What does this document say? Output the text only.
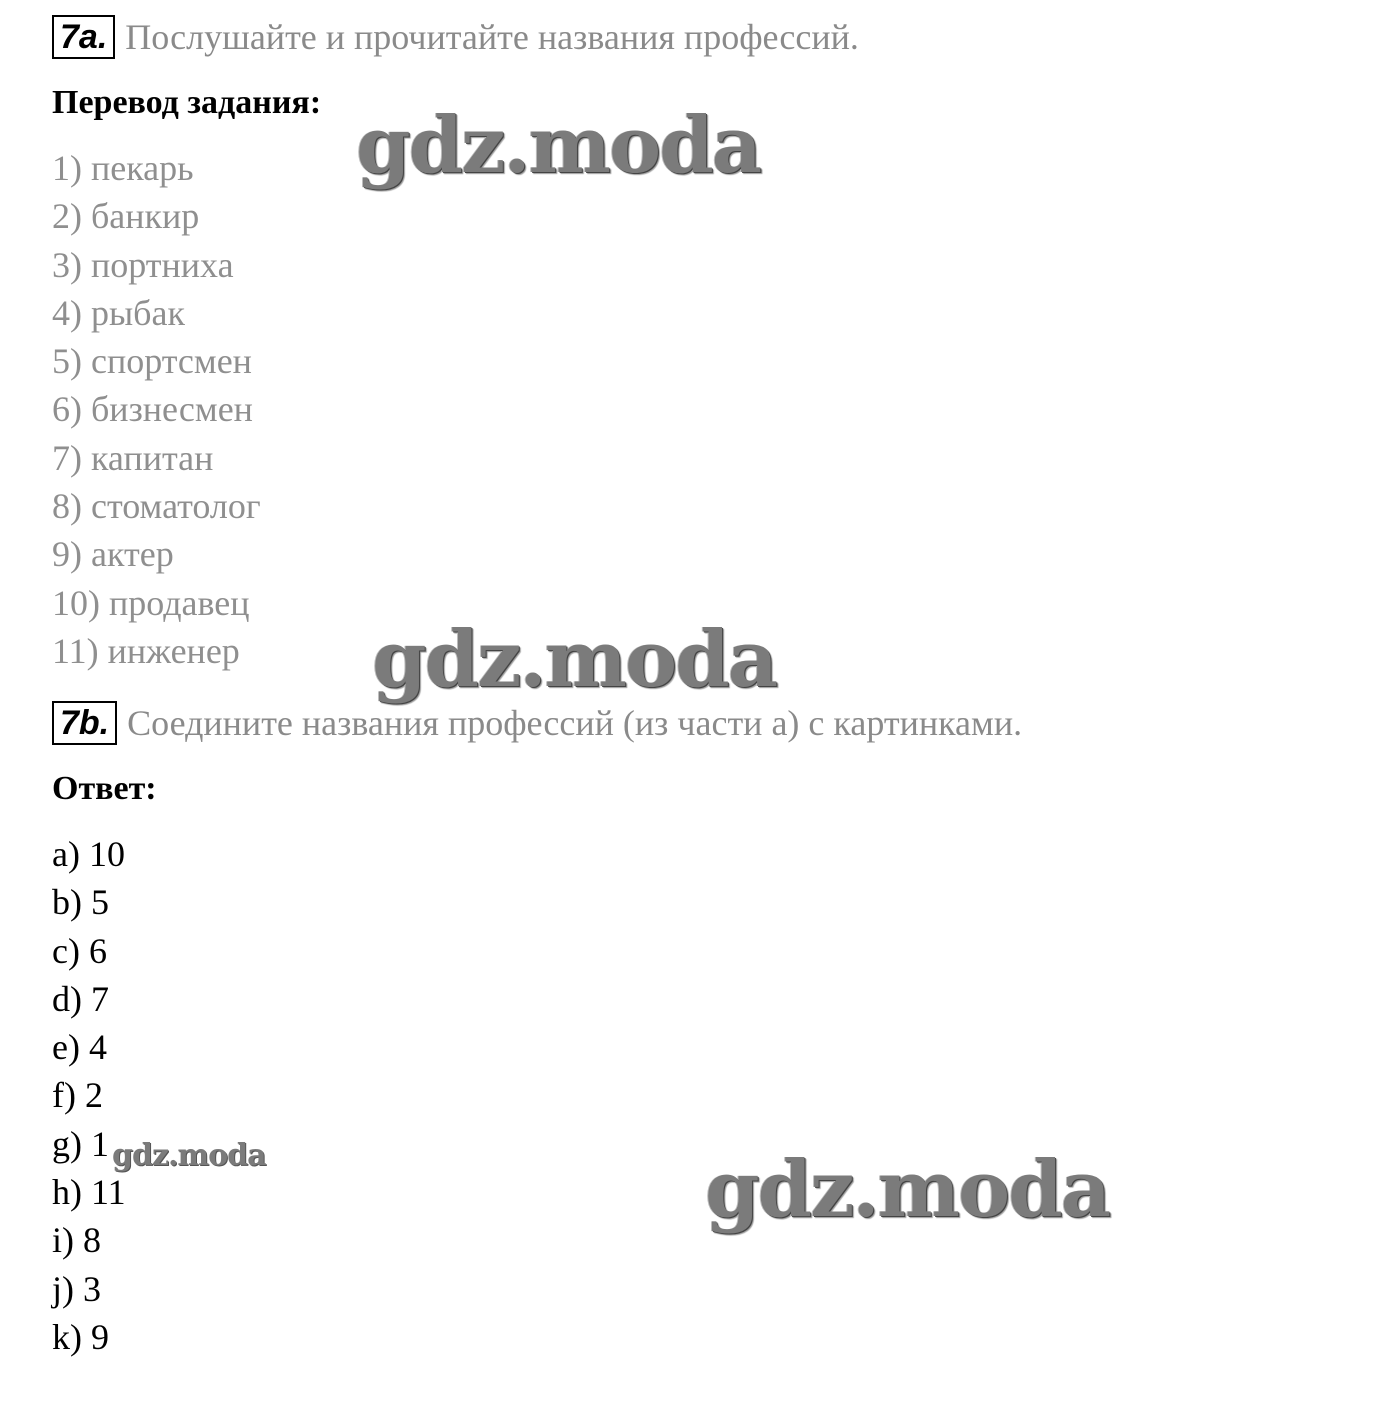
7a. Послушайте и прочитайте названия профессий.
Перевод задания:
1) пекарь
2) банкир
3) портниха
4) рыбак
5) спортсмен
6) бизнесмен
7) капитан
8) стоматолог
9) актер
10) продавец
11) инженер
7b. Соедините названия профессий (из части а) с картинками.
Ответ:
a) 10
b) 5
c) 6
d) 7
e) 4
f) 2
g) 1
h) 11
i) 8
j) 3
k) 9
gdz.moda
gdz.moda
gdz.moda	gdz.moda
